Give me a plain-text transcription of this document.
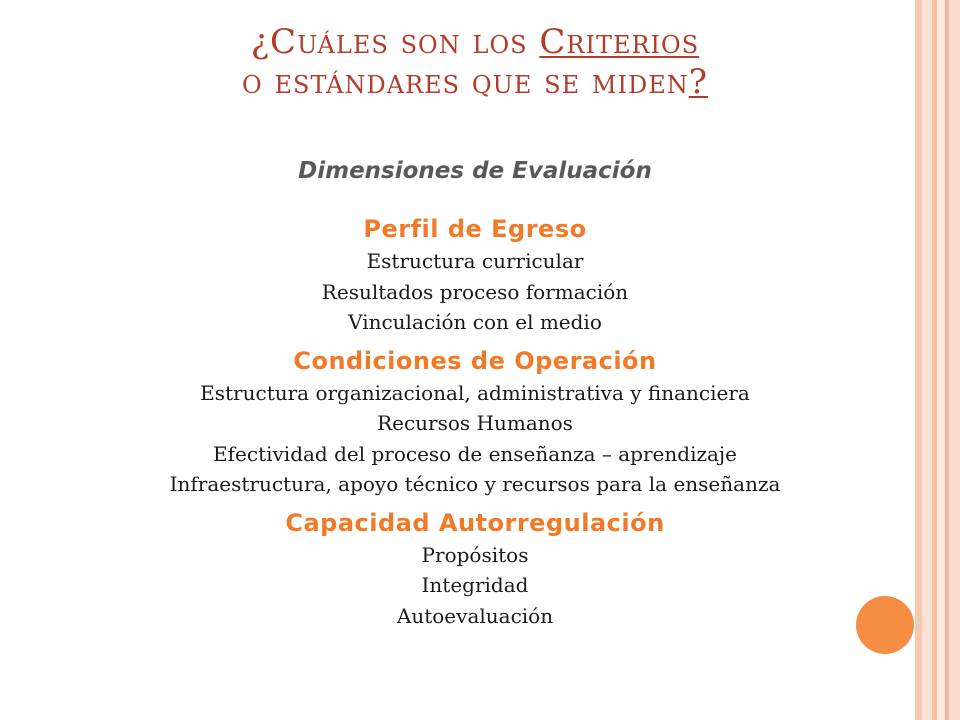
¿Cuáles son los Criterios
o estándares que se miden?
Dimensiones de Evaluación
Perfil de Egreso
Estructura curricular
Resultados proceso formación
Vinculación con el medio
Condiciones de Operación
Estructura organizacional, administrativa y financiera
Recursos Humanos
Efectividad del proceso de enseñanza – aprendizaje
Infraestructura, apoyo técnico y recursos para la enseñanza
Capacidad Autorregulación
Propósitos
Integridad
Autoevaluación
